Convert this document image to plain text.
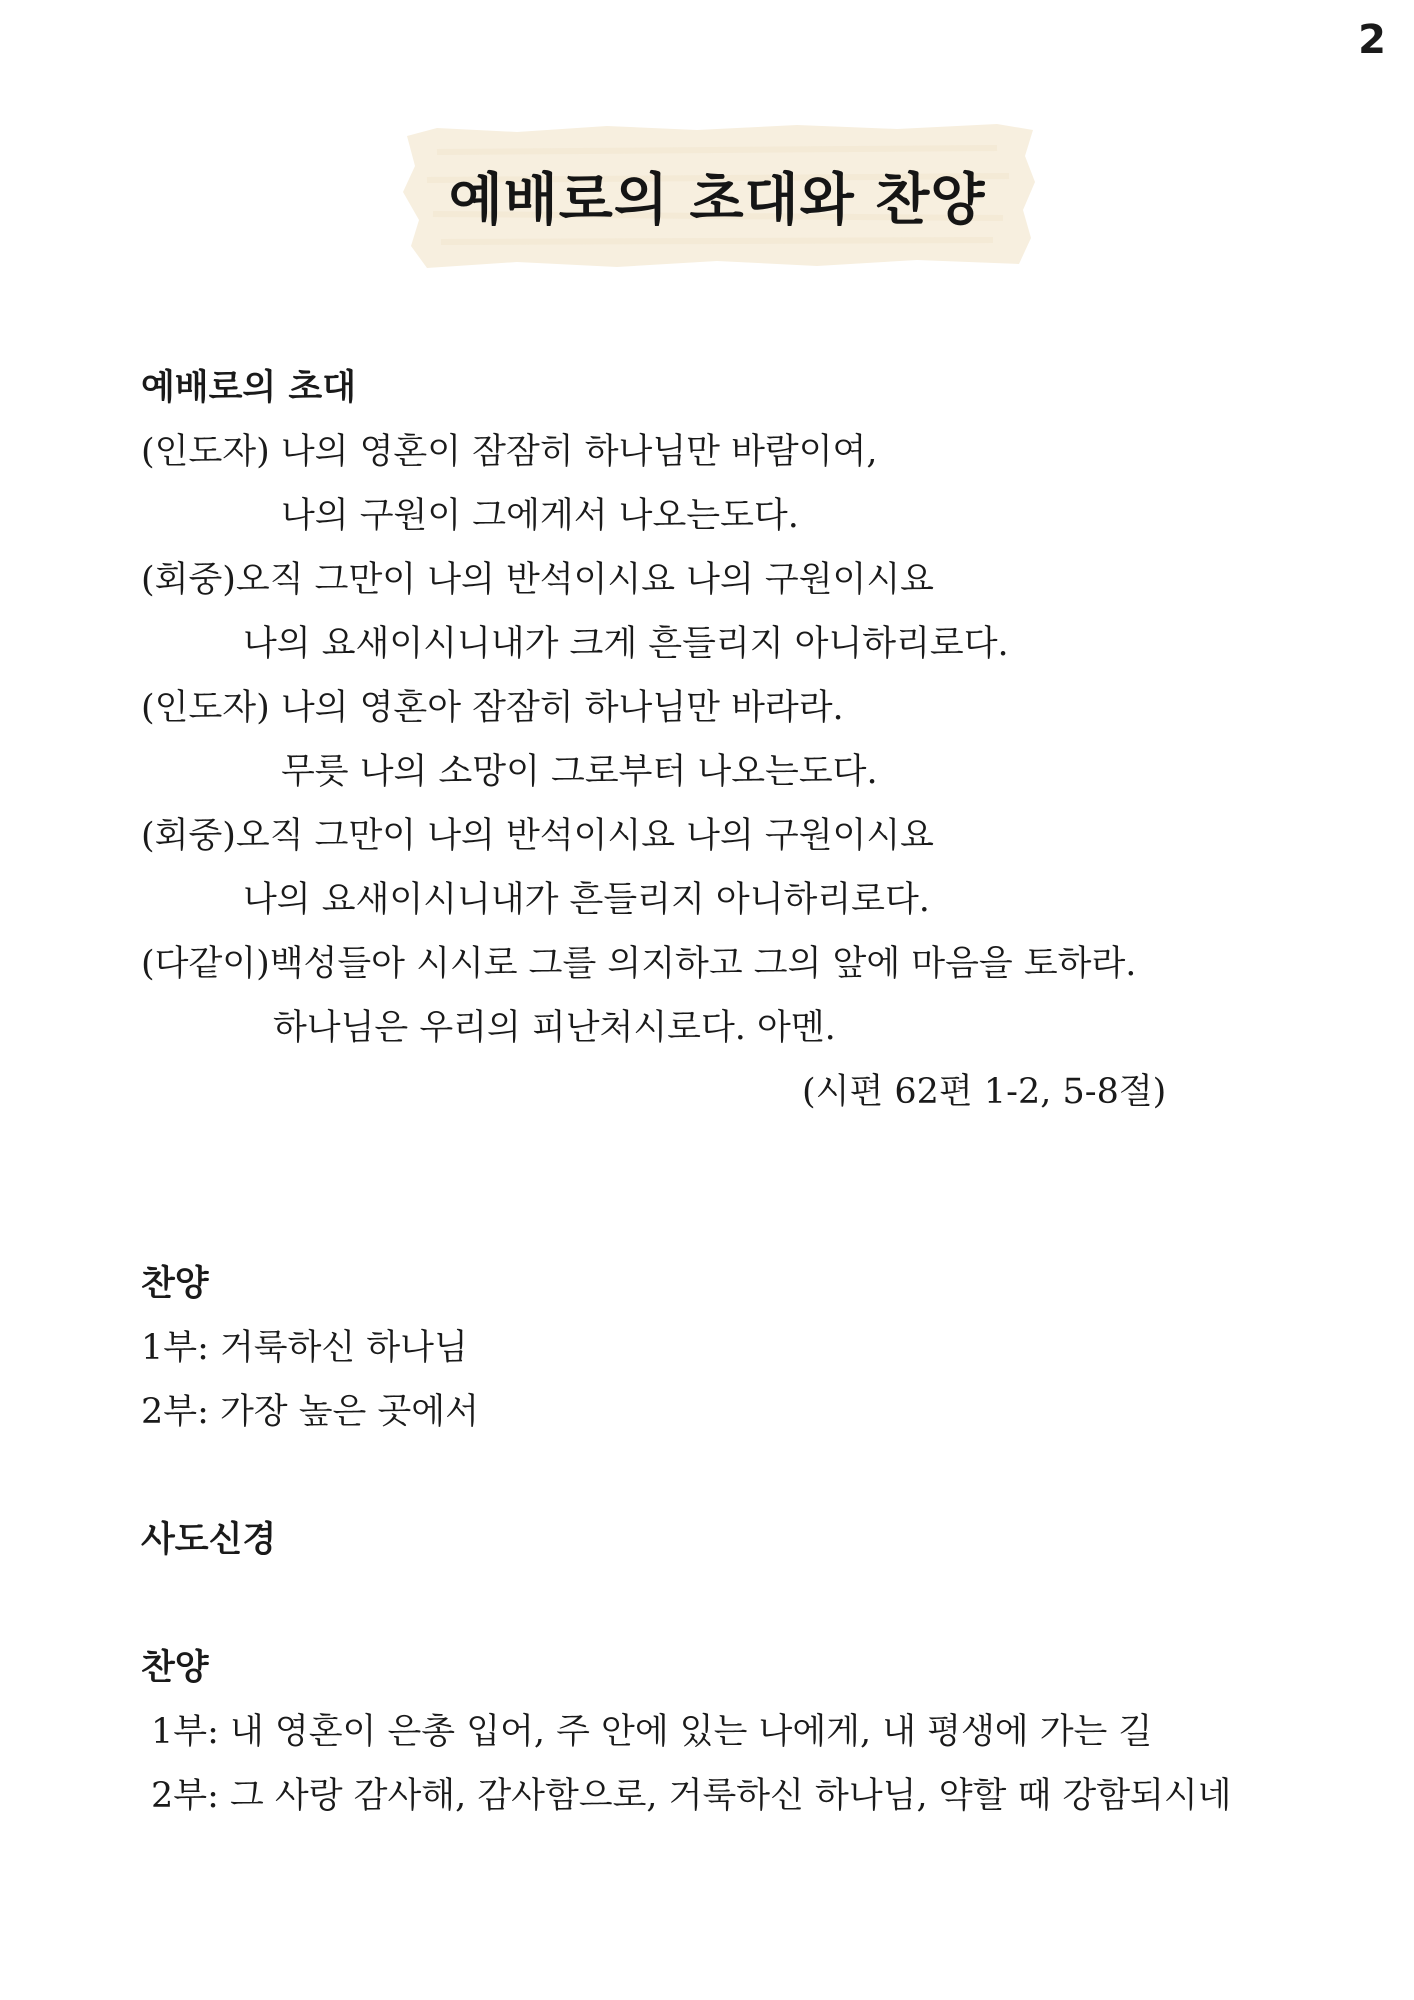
2
예배로의 초대와 찬양
예배로의 초대
(인도자) 나의 영혼이 잠잠히 하나님만 바람이여,
나의 구원이 그에게서 나오는도다.
(회중)오직 그만이 나의 반석이시요 나의 구원이시요
나의 요새이시니내가 크게 흔들리지 아니하리로다.
(인도자) 나의 영혼아 잠잠히 하나님만 바라라.
무릇 나의 소망이 그로부터 나오는도다.
(회중)오직 그만이 나의 반석이시요 나의 구원이시요
나의 요새이시니내가 흔들리지 아니하리로다.
(다같이)백성들아 시시로 그를 의지하고 그의 앞에 마음을 토하라.
하나님은 우리의 피난처시로다. 아멘.
(시편 62편 1-2, 5-8절)
찬양
1부: 거룩하신 하나님
2부: 가장 높은 곳에서
사도신경
찬양
1부: 내 영혼이 은총 입어, 주 안에 있는 나에게, 내 평생에 가는 길
2부: 그 사랑 감사해, 감사함으로, 거룩하신 하나님, 약할 때 강함되시네
